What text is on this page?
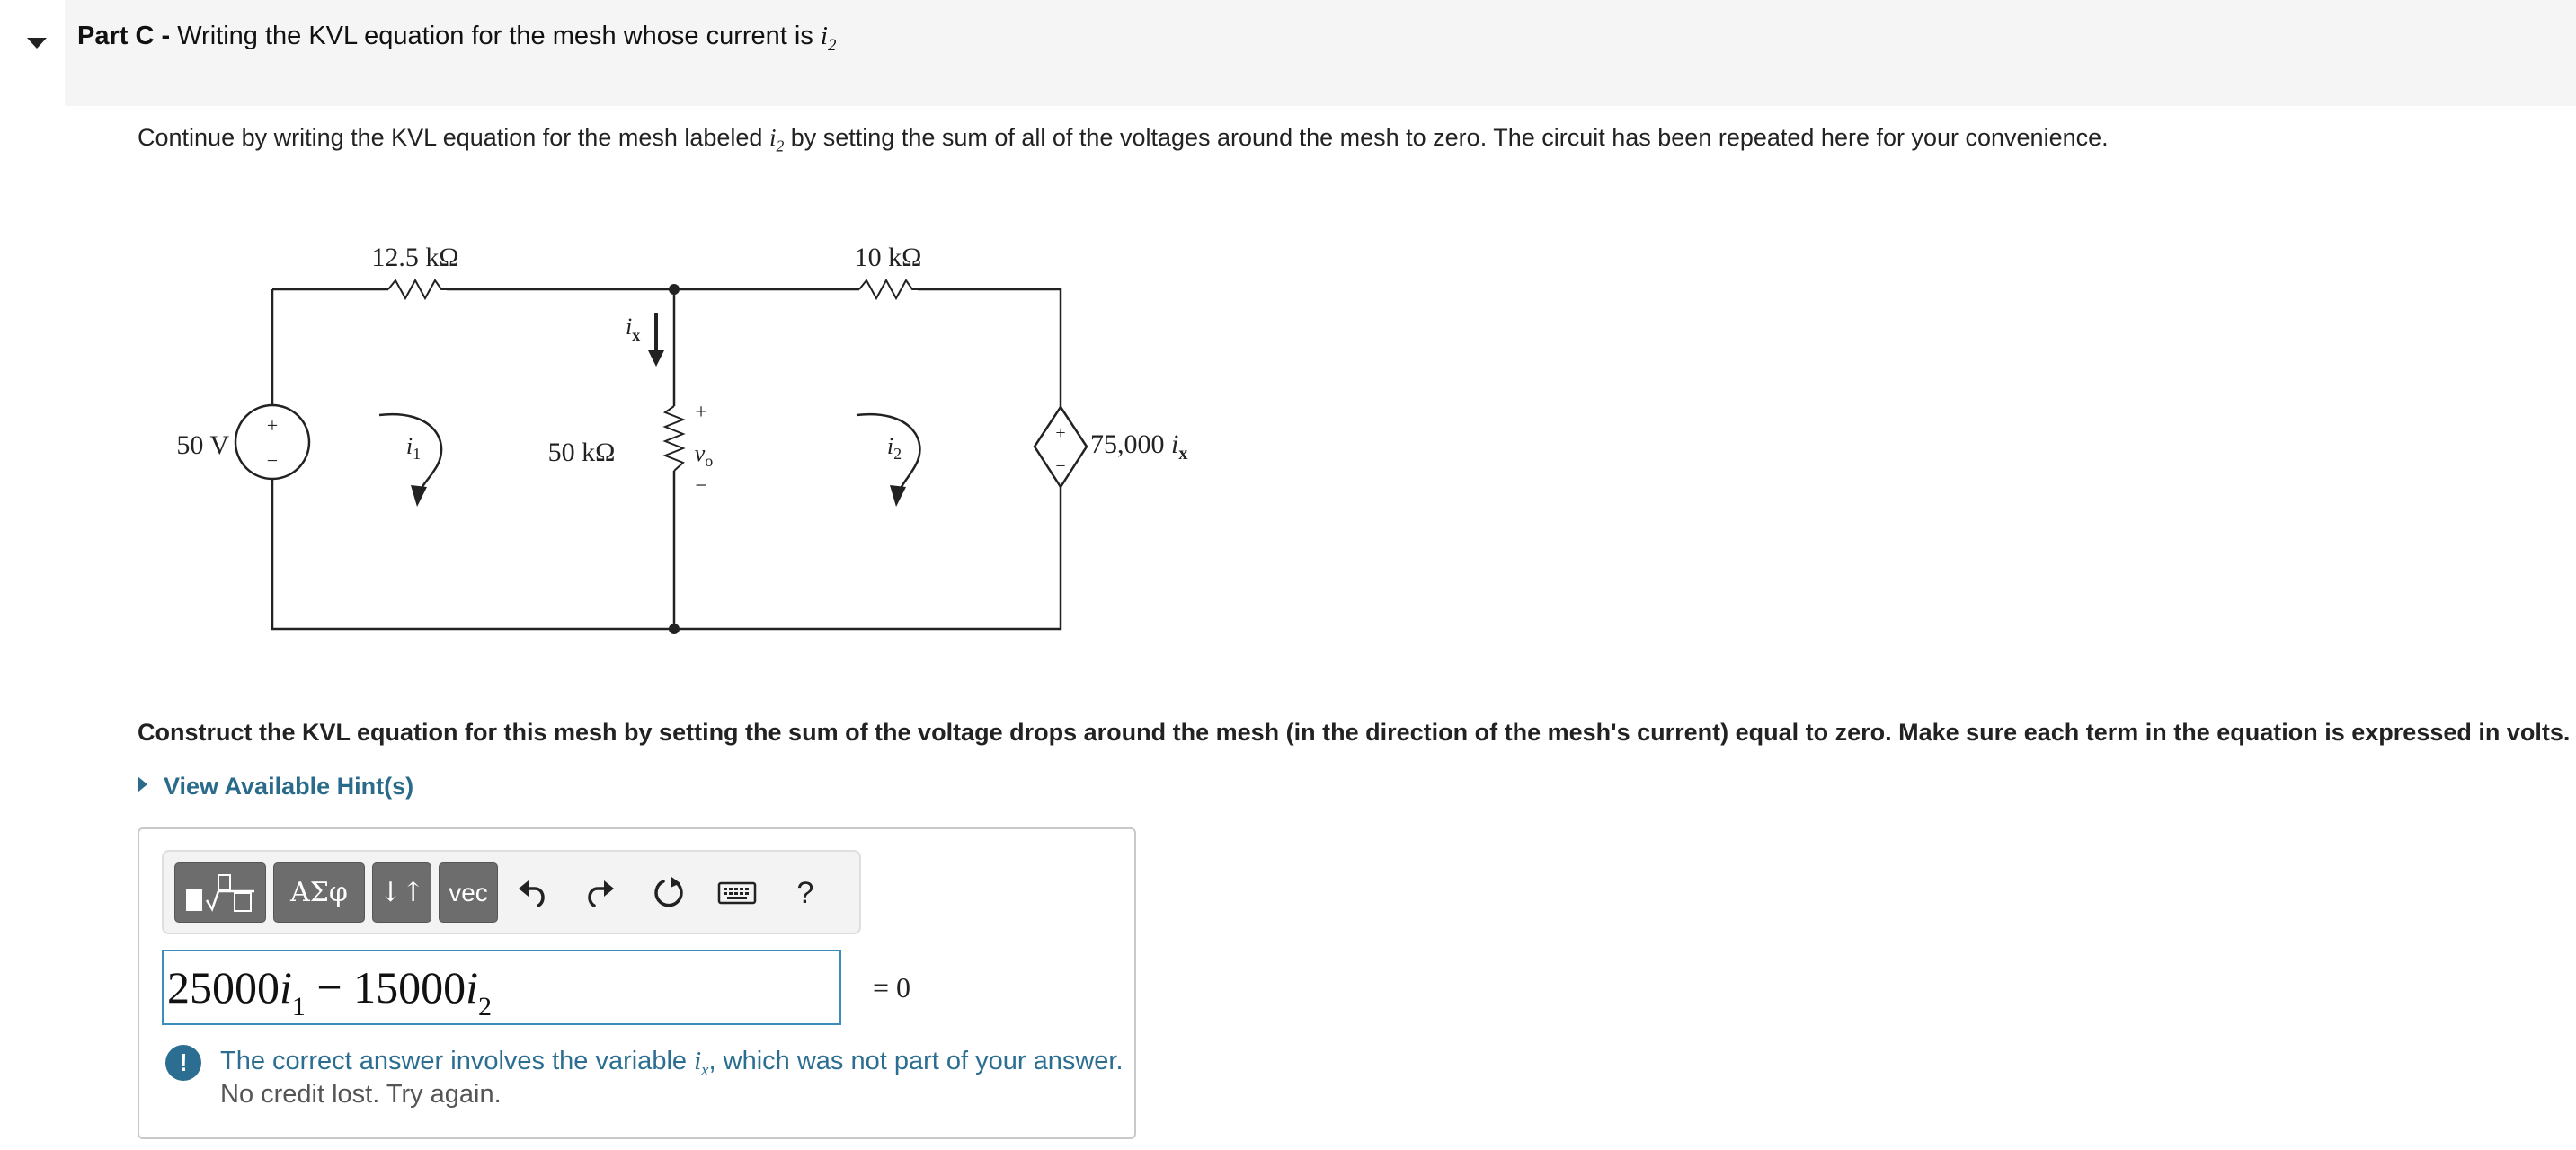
Part C - Writing the KVL equation for the mesh whose current is $i_2$
Continue by writing the KVL equation for the mesh labeled $i_2$ by setting the sum of all of the voltages around the mesh to zero. The circuit has been repeated here for your convenience.
+
−
+
−
12.5 kΩ	10 kΩ
50 kΩ
50 V	75,000 $i_x$
$i_x$
+
$v_o$
−
$i_1$	$i_2$
Construct the KVL equation for this mesh by setting the sum of the voltage drops around the mesh (in the direction of the mesh's current) equal to zero. Make sure each term in the equation is expressed in volts.
View Available Hint(s)
ΑΣφ	↓↑ vec	?
$25000i_1 - 15000i_2$
= 0
!	The correct answer involves the variable $i_x$, which was not part of your answer.
No credit lost. Try again.
